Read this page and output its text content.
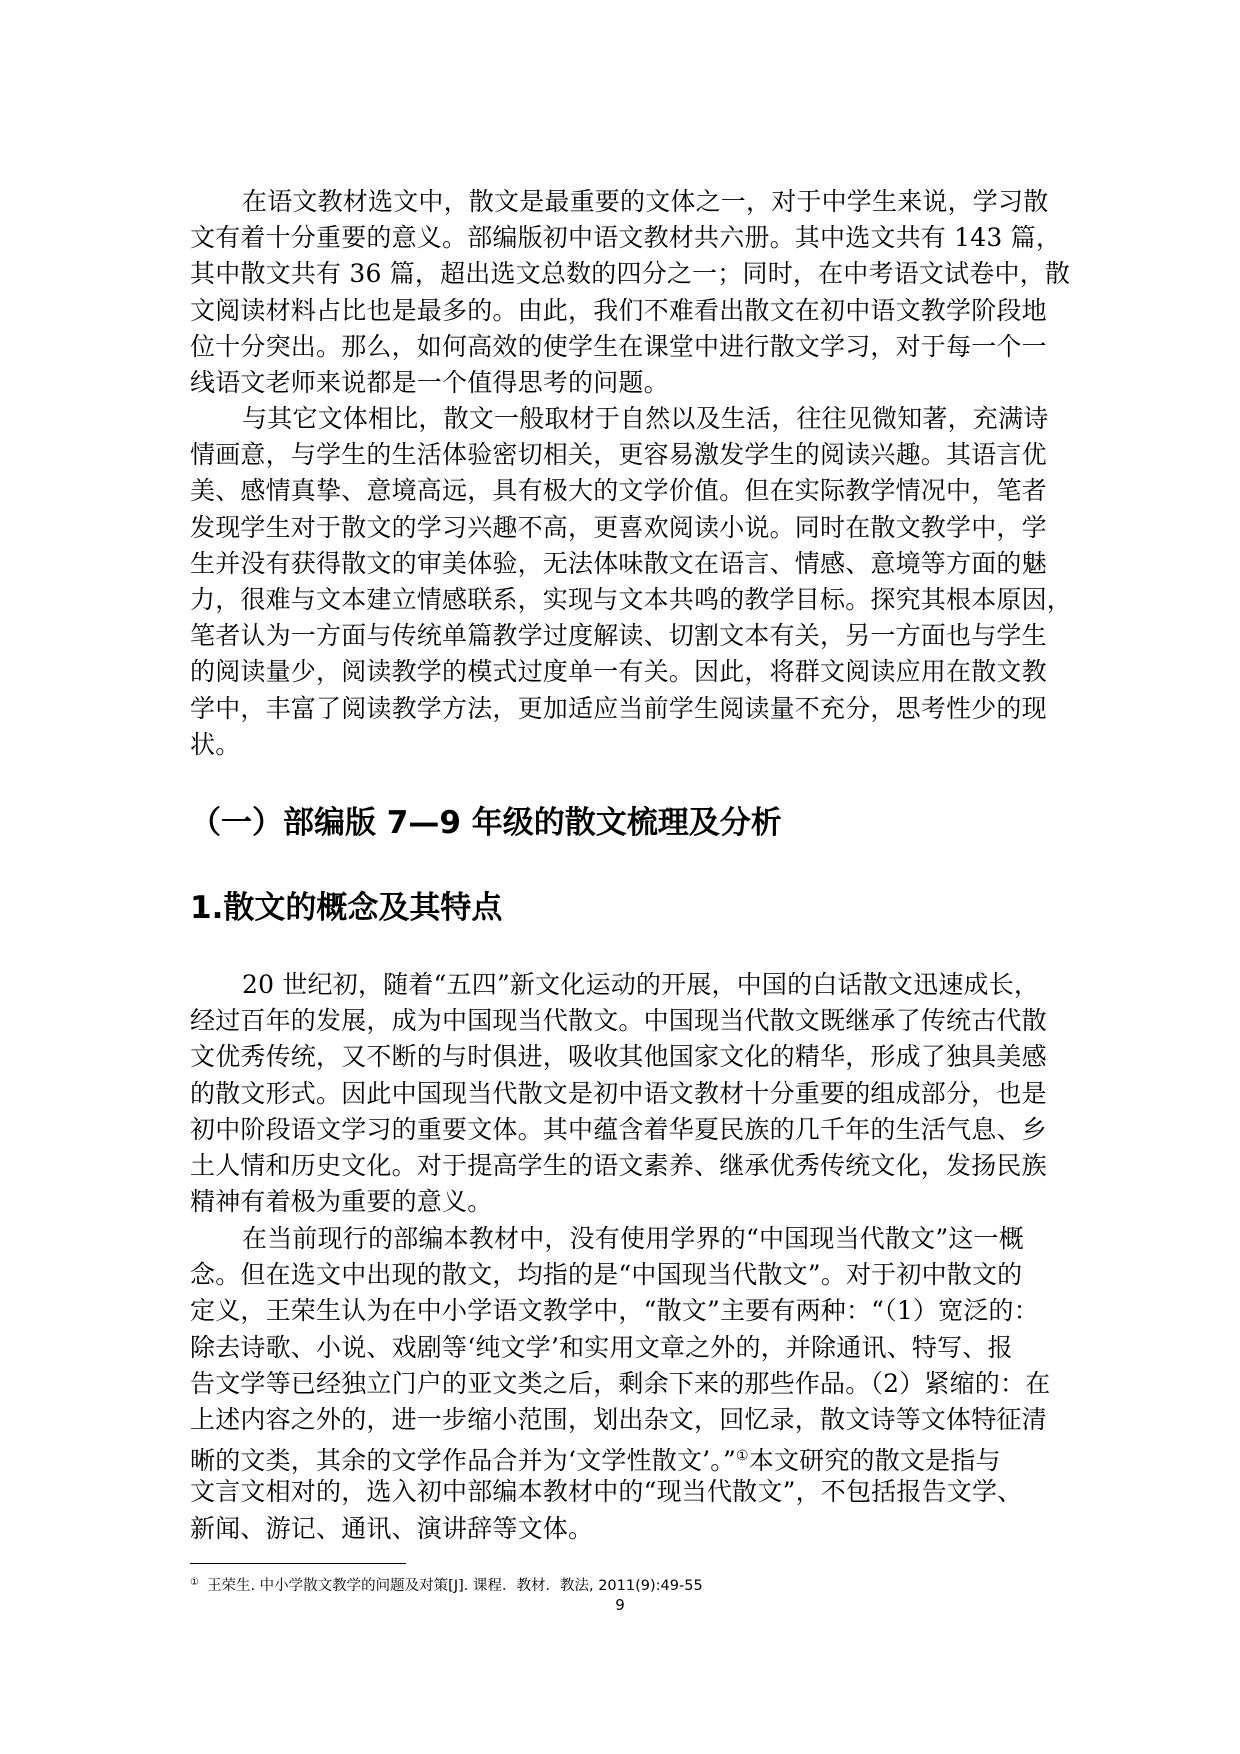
在语文教材选文中，散文是最重要的文体之一，对于中学生来说，学习散
文有着十分重要的意义。部编版初中语文教材共六册。其中选文共有 143 篇，
其中散文共有 36 篇，超出选文总数的四分之一；同时，在中考语文试卷中，散
文阅读材料占比也是最多的。由此，我们不难看出散文在初中语文教学阶段地
位十分突出。那么，如何高效的使学生在课堂中进行散文学习，对于每一个一
线语文老师来说都是一个值得思考的问题。
与其它文体相比，散文一般取材于自然以及生活，往往见微知著，充满诗
情画意，与学生的生活体验密切相关，更容易激发学生的阅读兴趣。其语言优
美、感情真挚、意境高远，具有极大的文学价值。但在实际教学情况中，笔者
发现学生对于散文的学习兴趣不高，更喜欢阅读小说。同时在散文教学中，学
生并没有获得散文的审美体验，无法体味散文在语言、情感、意境等方面的魅
力，很难与文本建立情感联系，实现与文本共鸣的教学目标。探究其根本原因，
笔者认为一方面与传统单篇教学过度解读、切割文本有关，另一方面也与学生
的阅读量少，阅读教学的模式过度单一有关。因此，将群文阅读应用在散文教
学中，丰富了阅读教学方法，更加适应当前学生阅读量不充分，思考性少的现
状。
（一）部编版 7—9 年级的散文梳理及分析
1.散文的概念及其特点
20 世纪初，随着“五四”新文化运动的开展，中国的白话散文迅速成长，
经过百年的发展，成为中国现当代散文。中国现当代散文既继承了传统古代散
文优秀传统，又不断的与时俱进，吸收其他国家文化的精华，形成了独具美感
的散文形式。因此中国现当代散文是初中语文教材十分重要的组成部分，也是
初中阶段语文学习的重要文体。其中蕴含着华夏民族的几千年的生活气息、乡
土人情和历史文化。对于提高学生的语文素养、继承优秀传统文化，发扬民族
精神有着极为重要的意义。
在当前现行的部编本教材中，没有使用学界的“中国现当代散文”这一概
念。但在选文中出现的散文，均指的是“中国现当代散文”。对于初中散文的
定义，王荣生认为在中小学语文教学中，“散文”主要有两种：“（1）宽泛的：
除去诗歌、小说、戏剧等‘纯文学’和实用文章之外的，并除通讯、特写、报
告文学等已经独立门户的亚文类之后，剩余下来的那些作品。（2）紧缩的：在
上述内容之外的，进一步缩小范围，划出杂文，回忆录，散文诗等文体特征清
晰的文类，其余的文学作品合并为‘文学性散文’。”①本文研究的散文是指与
文言文相对的，选入初中部编本教材中的“现当代散文”，不包括报告文学、
新闻、游记、通讯、演讲辞等文体。
① 王荣生. 中小学散文教学的问题及对策[J]. 课程．教材．教法, 2011(9):49-55
9
